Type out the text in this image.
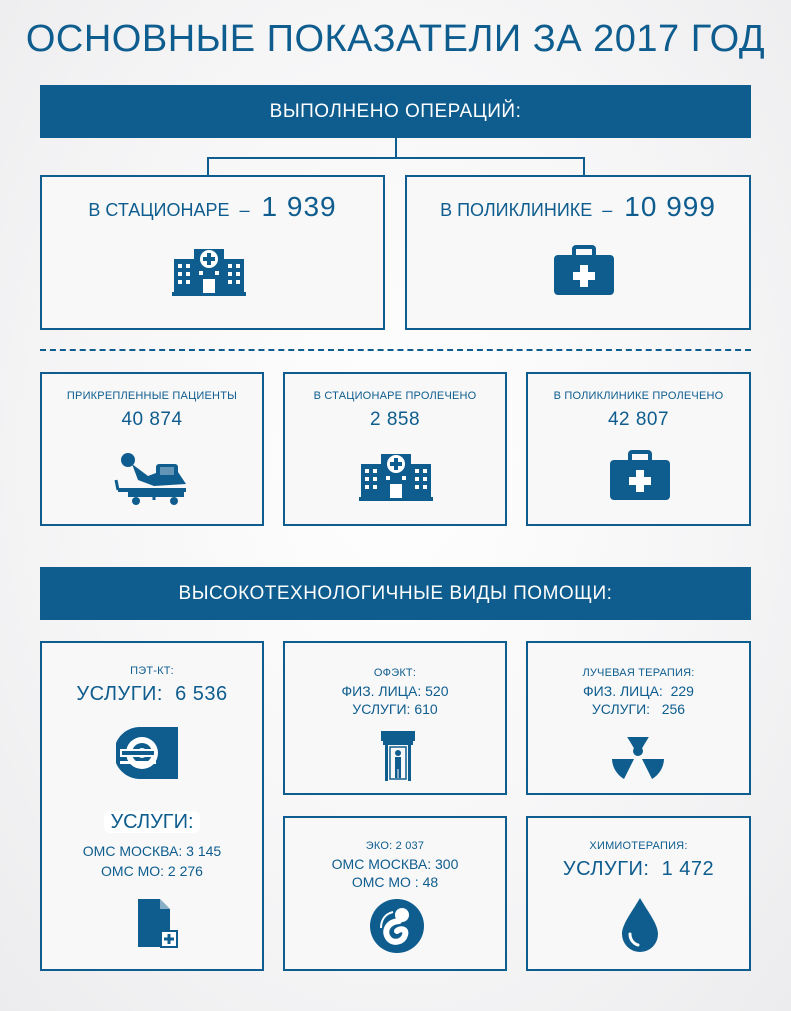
ОСНОВНЫЕ ПОКАЗАТЕЛИ ЗА 2017 ГОД
ВЫПОЛНЕНО ОПЕРАЦИЙ:
В СТАЦИОНАРЕ – 1 939	В ПОЛИКЛИНИКЕ – 10 999
ПРИКРЕПЛЕННЫЕ ПАЦИЕНТЫ
40 874
В СТАЦИОНАРЕ ПРОЛЕЧЕНО
2 858
В ПОЛИКЛИНИКЕ ПРОЛЕЧЕНО
42 807
ВЫСОКОТЕХНОЛОГИЧНЫЕ ВИДЫ ПОМОЩИ:
ПЭТ-КТ:
УСЛУГИ:  6 536
УСЛУГИ:
ОМС МОСКВА: 3 145
ОМС МО: 2 276
ОФЭКТ:
ФИЗ. ЛИЦА: 520
УСЛУГИ: 610
ЛУЧЕВАЯ ТЕРАПИЯ:
ФИЗ. ЛИЦА:  229
УСЛУГИ:   256
ЭКО: 2 037
ОМС МОСКВА: 300
ОМС МО : 48
ХИМИОТЕРАПИЯ:
УСЛУГИ:  1 472
